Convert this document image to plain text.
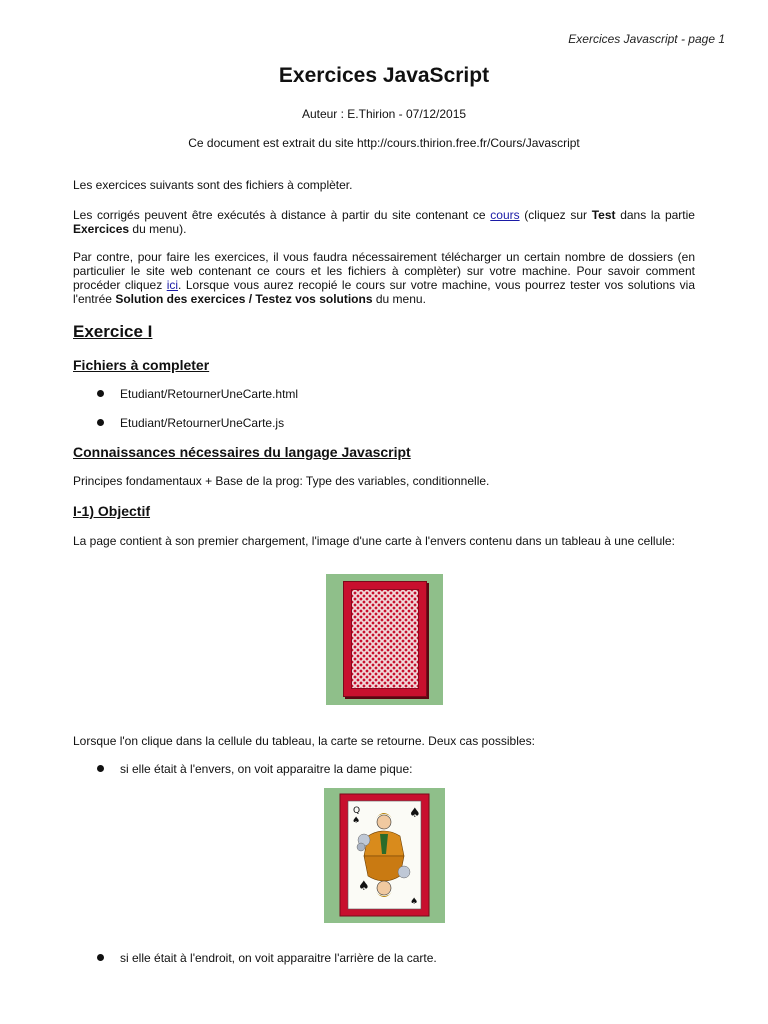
Exercices Javascript - page 1
Exercices JavaScript
Auteur : E.Thirion - 07/12/2015
Ce document est extrait du site http://cours.thirion.free.fr/Cours/Javascript
Les exercices suivants sont des fichiers à complèter.
Les corrigés peuvent être exécutés à distance à partir du site contenant ce cours (cliquez sur Test dans la partie Exercices du menu).
Par contre, pour faire les exercices, il vous faudra nécessairement télécharger un certain nombre de dossiers (en particulier le site web contenant ce cours et les fichiers à complèter) sur votre machine. Pour savoir comment procéder cliquez ici. Lorsque vous aurez recopié le cours sur votre machine, vous pourrez tester vos solutions via l'entrée Solution des exercices / Testez vos solutions du menu.
Exercice I
Fichiers à completer
Etudiant/RetournerUneCarte.html
Etudiant/RetournerUneCarte.js
Connaissances nécessaires du langage Javascript
Principes fondamentaux + Base de la prog: Type des variables, conditionnelle.
I-1) Objectif
La page contient à son premier chargement, l'image d'une carte à l'envers contenu dans un tableau à une cellule:
Lorsque l'on clique dans la cellule du tableau, la carte se retourne. Deux cas possibles:
si elle était à l'envers, on voit apparaitre la dame pique:
Q
♠	♠
♠
♠
si elle était à l'endroit, on voit apparaitre l'arrière de la carte.
